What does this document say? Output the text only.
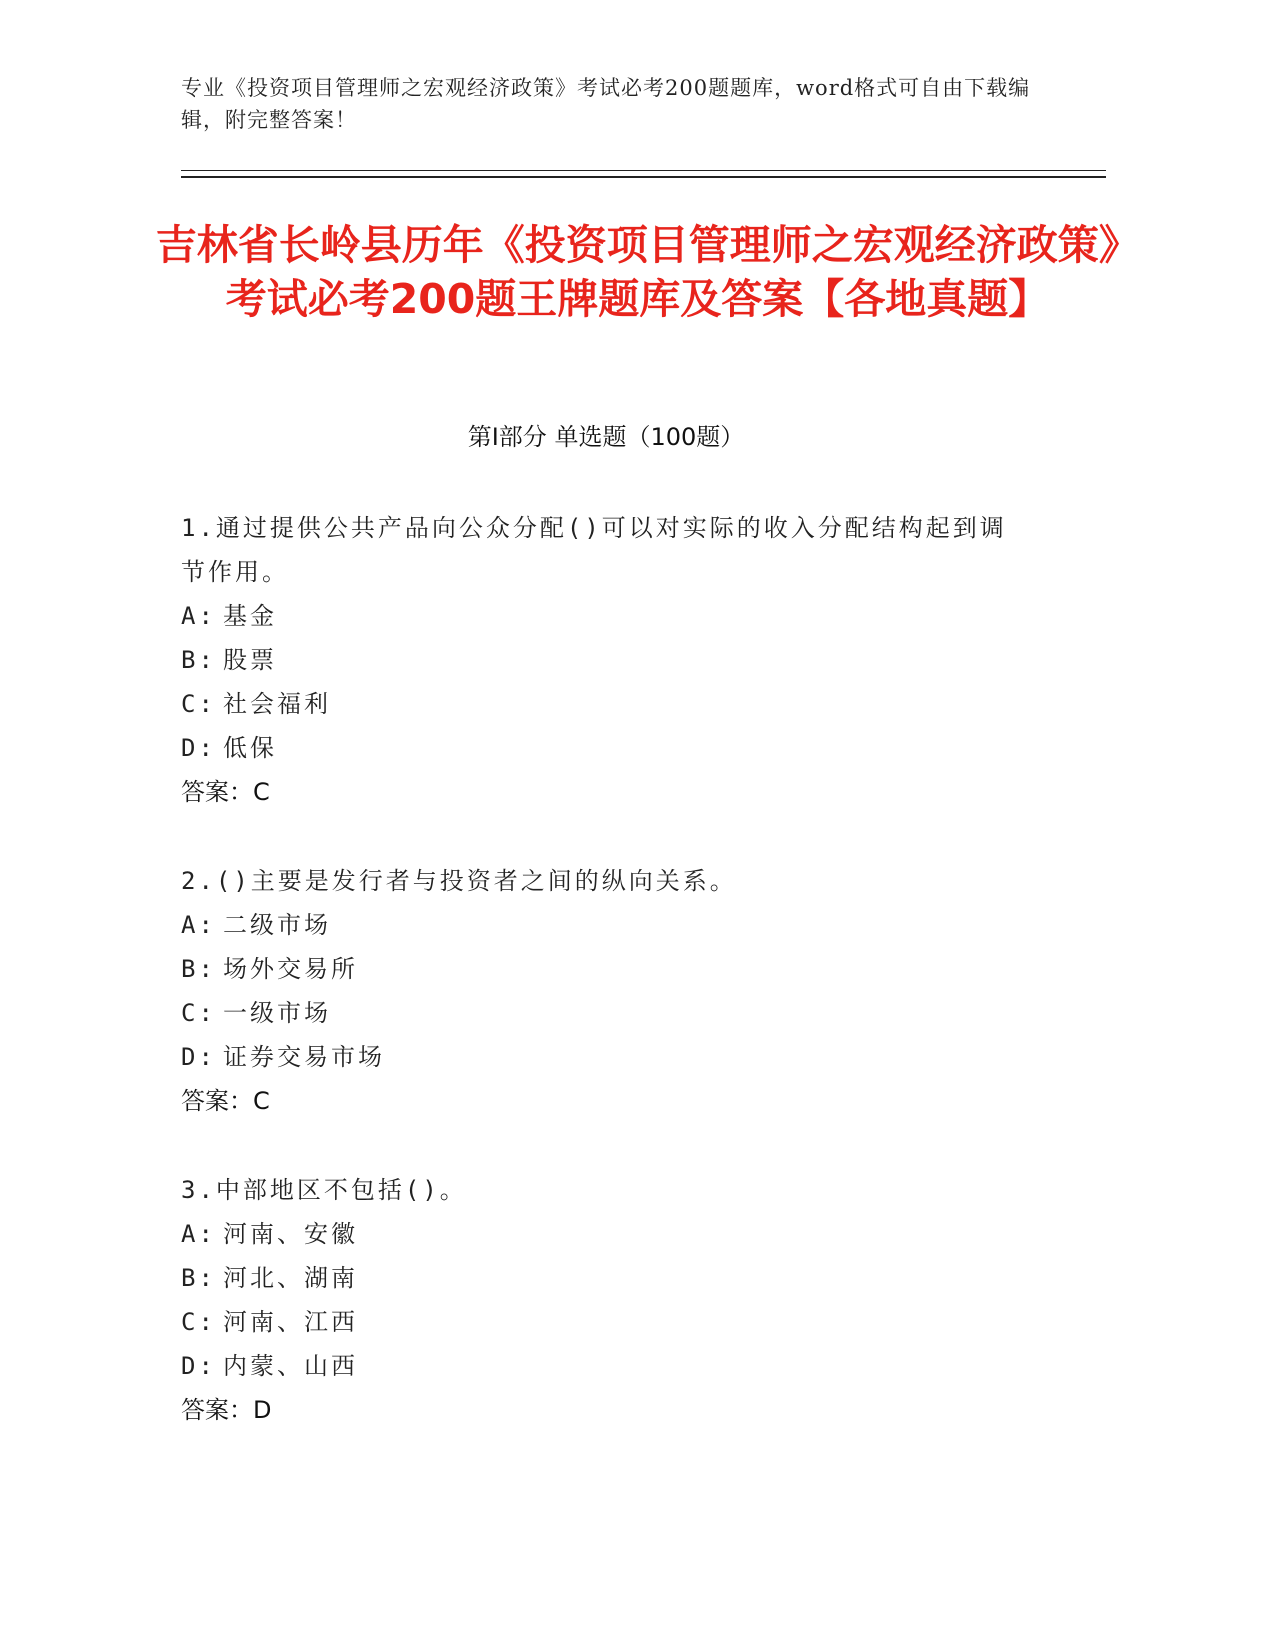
专业《投资项目管理师之宏观经济政策》考试必考200题题库，word格式可自由下载编辑，附完整答案！
吉林省长岭县历年《投资项目管理师之宏观经济政策》考试必考200题王牌题库及答案【各地真题】
第I部分 单选题（100题）
1.通过提供公共产品向公众分配()可以对实际的收入分配结构起到调节作用。
A: 基金
B: 股票
C: 社会福利
D: 低保
答案：C
2.()主要是发行者与投资者之间的纵向关系。
A: 二级市场
B: 场外交易所
C: 一级市场
D: 证券交易市场
答案：C
3.中部地区不包括()。
A: 河南、安徽
B: 河北、湖南
C: 河南、江西
D: 内蒙、山西
答案：D
